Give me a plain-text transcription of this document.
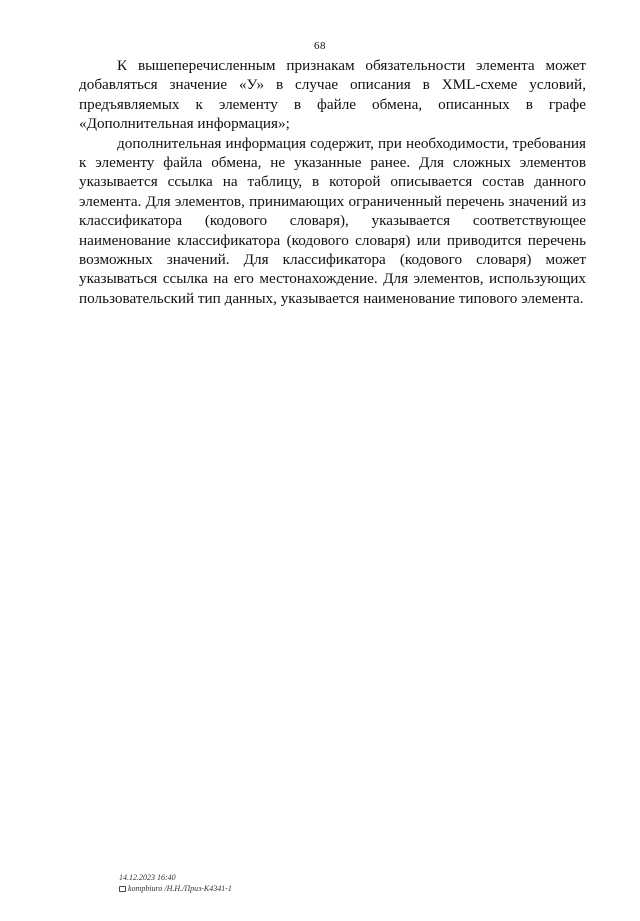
68

К вышеперечисленным признакам обязательности элемента может добавляться значение «У» в случае описания в XML-схеме условий, предъявляемых к элементу в файле обмена, описанных в графе «Дополнительная информация»;

дополнительная информация содержит, при необходимости, требования к элементу файла обмена, не указанные ранее. Для сложных элементов указывается ссылка на таблицу, в которой описывается состав данного элемента. Для элементов, принимающих ограниченный перечень значений из классификатора (кодового словаря), указывается соответствующее наименование классификатора (кодового словаря) или приводится перечень возможных значений. Для классификатора (кодового словаря) может указываться ссылка на его местонахождение. Для элементов, использующих пользовательский тип данных, указывается наименование типового элемента.

14.12.2023 16:40
kompbiuro /Н.Н./Приз-К4341-1
